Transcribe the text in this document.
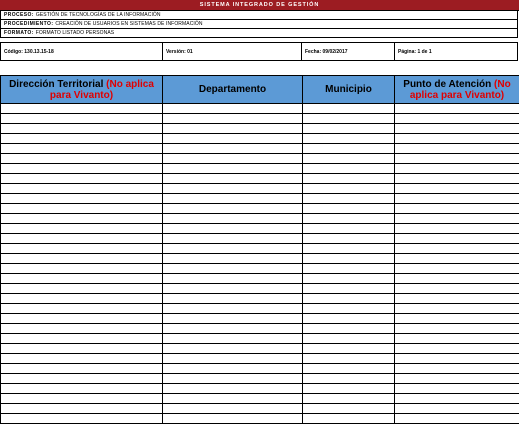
SISTEMA INTEGRADO DE GESTIÓN
PROCESO: GESTIÓN DE TECNOLOGÍAS DE LA INFORMACIÓN
PROCEDIMIENTO: CREACIÓN DE USUARIOS EN SISTEMAS DE INFORMACIÓN
FORMATO: FORMATO LISTADO PERSONAS
Código: 130.13.15-18	Versión: 01	Fecha: 09/02/2017	Página: 1 de 1
Dirección Territorial (No aplica para Vivanto)	Departamento	Municipio	Punto de Atención (No aplica para Vivanto)
